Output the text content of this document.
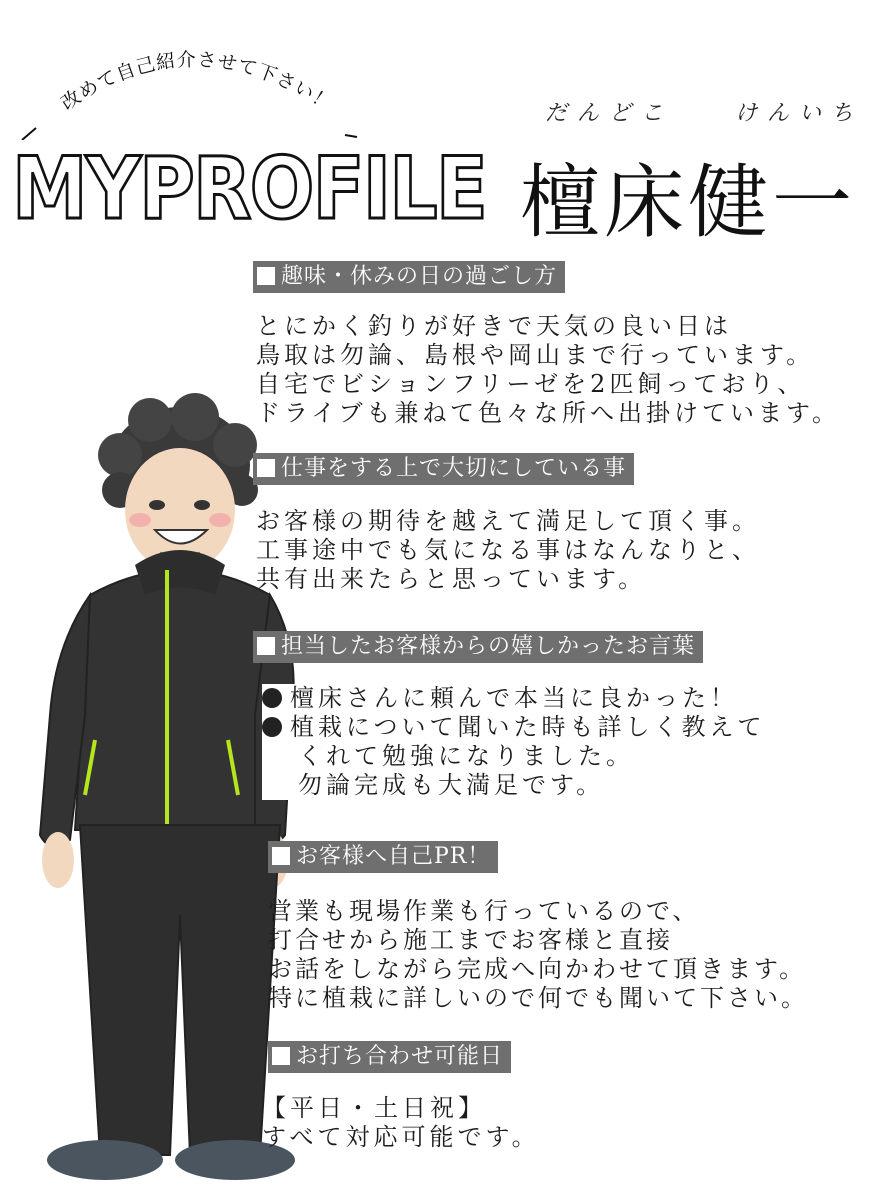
改めて自己紹介させて下さい！
MYPROFILE
だんどこ	けんいち
檀床健一
趣味・休みの日の過ごし方
とにかく釣りが好きで天気の良い日は
鳥取は勿論、島根や岡山まで行っています。
自宅でビションフリーゼを2匹飼っており、
ドライブも兼ねて色々な所へ出掛けています。
仕事をする上で大切にしている事
お客様の期待を越えて満足して頂く事。
工事途中でも気になる事はなんなりと、
共有出来たらと思っています。
担当したお客様からの嬉しかったお言葉
檀床さんに頼んで本当に良かった！
植栽について聞いた時も詳しく教えて
くれて勉強になりました。
勿論完成も大満足です。
お客様へ自己PR！
営業も現場作業も行っているので、
打合せから施工までお客様と直接
お話をしながら完成へ向かわせて頂きます。
特に植栽に詳しいので何でも聞いて下さい。
お打ち合わせ可能日
【平日・土日祝】
すべて対応可能です。
